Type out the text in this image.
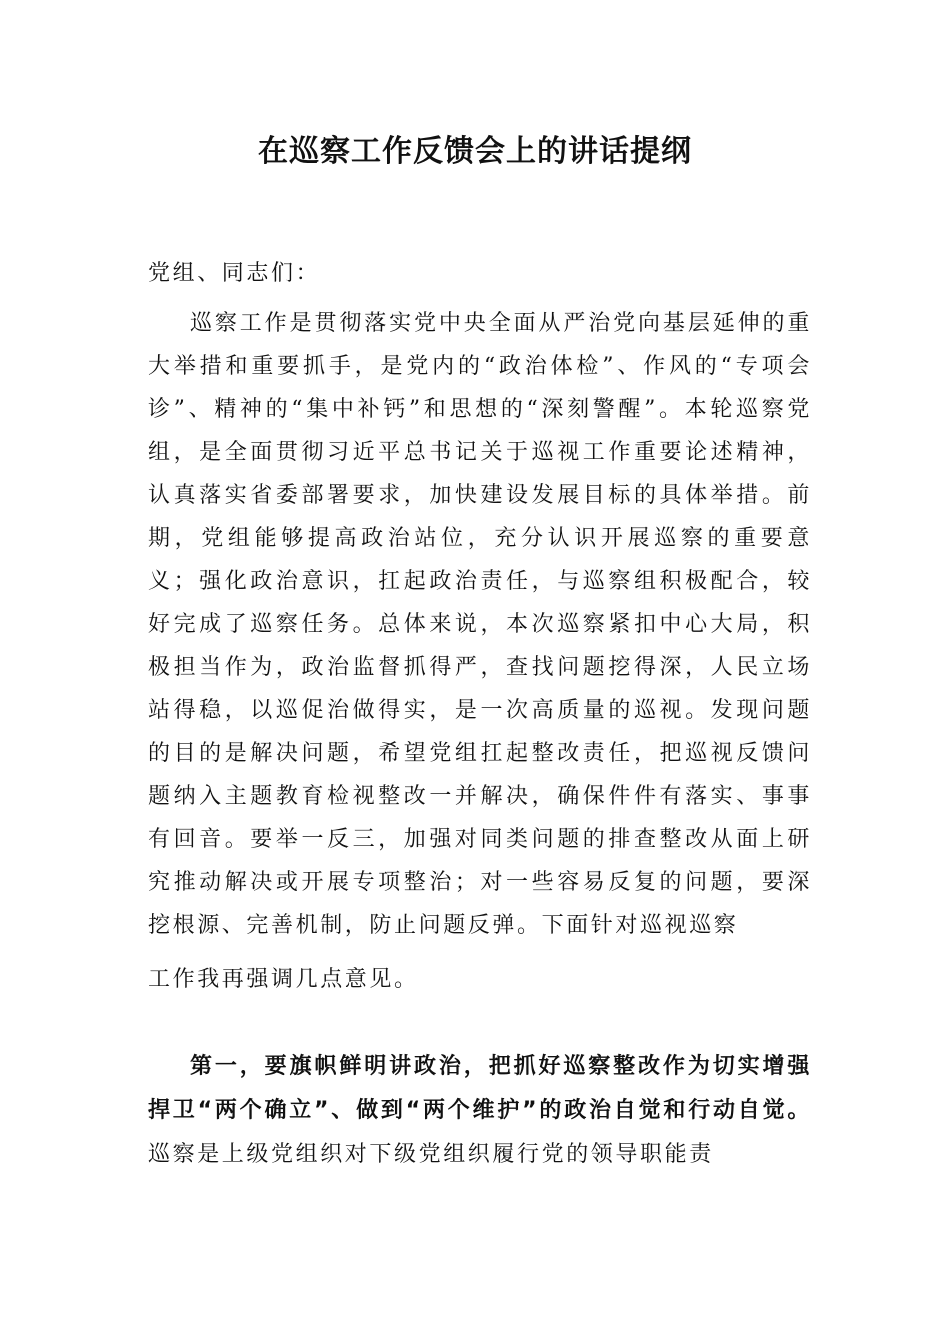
在巡察工作反馈会上的讲话提纲

党组、同志们：

巡察工作是贯彻落实党中央全面从严治党向基层延伸的重大举措和重要抓手，是党内的“政治体检”、作风的“专项会诊”、精神的“集中补钙”和思想的“深刻警醒”。本轮巡察党组，是全面贯彻习近平总书记关于巡视工作重要论述精神，认真落实省委部署要求，加快建设发展目标的具体举措。前期，党组能够提高政治站位，充分认识开展巡察的重要意义；强化政治意识，扛起政治责任，与巡察组积极配合，较好完成了巡察任务。总体来说，本次巡察紧扣中心大局，积极担当作为，政治监督抓得严，查找问题挖得深，人民立场站得稳，以巡促治做得实，是一次高质量的巡视。发现问题的目的是解决问题，希望党组扛起整改责任，把巡视反馈问题纳入主题教育检视整改一并解决，确保件件有落实、事事有回音。要举一反三，加强对同类问题的排查整改从面上研究推动解决或开展专项整治；对一些容易反复的问题，要深挖根源、完善机制，防止问题反弹。下面针对巡视巡察

工作我再强调几点意见。

第一，要旗帜鲜明讲政治，把抓好巡察整改作为切实增强捍卫“两个确立”、做到“两个维护”的政治自觉和行动自觉。巡察是上级党组织对下级党组织履行党的领导职能责
